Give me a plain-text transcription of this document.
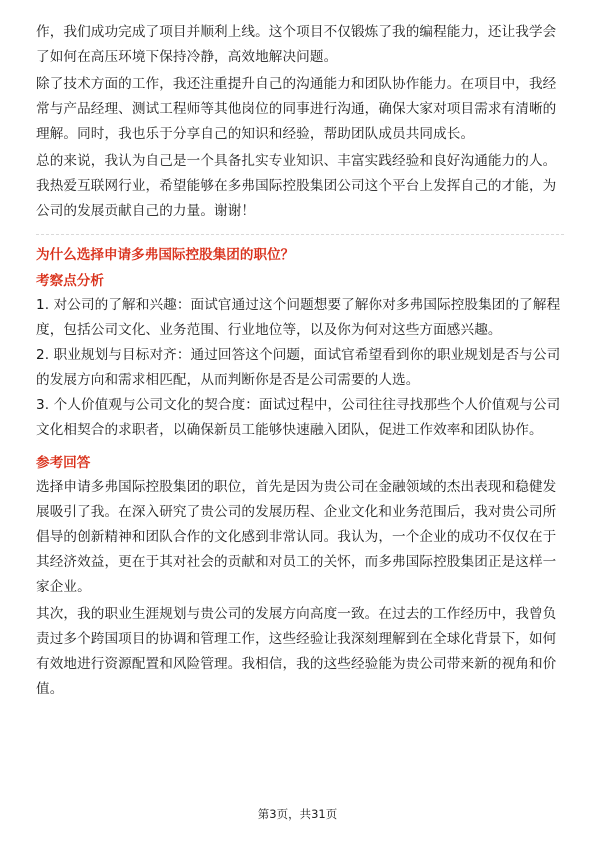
作，我们成功完成了项目并顺利上线。这个项目不仅锻炼了我的编程能力，还让我学会了如何在高压环境下保持冷静，高效地解决问题。

除了技术方面的工作，我还注重提升自己的沟通能力和团队协作能力。在项目中，我经常与产品经理、测试工程师等其他岗位的同事进行沟通，确保大家对项目需求有清晰的理解。同时，我也乐于分享自己的知识和经验，帮助团队成员共同成长。

总的来说，我认为自己是一个具备扎实专业知识、丰富实践经验和良好沟通能力的人。我热爱互联网行业，希望能够在多弗国际控股集团公司这个平台上发挥自己的才能，为公司的发展贡献自己的力量。谢谢！

为什么选择申请多弗国际控股集团的职位？
考察点分析

1. 对公司的了解和兴趣：面试官通过这个问题想要了解你对多弗国际控股集团的了解程度，包括公司文化、业务范围、行业地位等，以及你为何对这些方面感兴趣。

2. 职业规划与目标对齐：通过回答这个问题，面试官希望看到你的职业规划是否与公司的发展方向和需求相匹配，从而判断你是否是公司需要的人选。

3. 个人价值观与公司文化的契合度：面试过程中，公司往往寻找那些个人价值观与公司文化相契合的求职者，以确保新员工能够快速融入团队，促进工作效率和团队协作。

参考回答

选择申请多弗国际控股集团的职位，首先是因为贵公司在金融领域的杰出表现和稳健发展吸引了我。在深入研究了贵公司的发展历程、企业文化和业务范围后，我对贵公司所倡导的创新精神和团队合作的文化感到非常认同。我认为，一个企业的成功不仅仅在于其经济效益，更在于其对社会的贡献和对员工的关怀，而多弗国际控股集团正是这样一家企业。

其次，我的职业生涯规划与贵公司的发展方向高度一致。在过去的工作经历中，我曾负责过多个跨国项目的协调和管理工作，这些经验让我深刻理解到在全球化背景下，如何有效地进行资源配置和风险管理。我相信，我的这些经验能为贵公司带来新的视角和价值。

第3页，共31页
